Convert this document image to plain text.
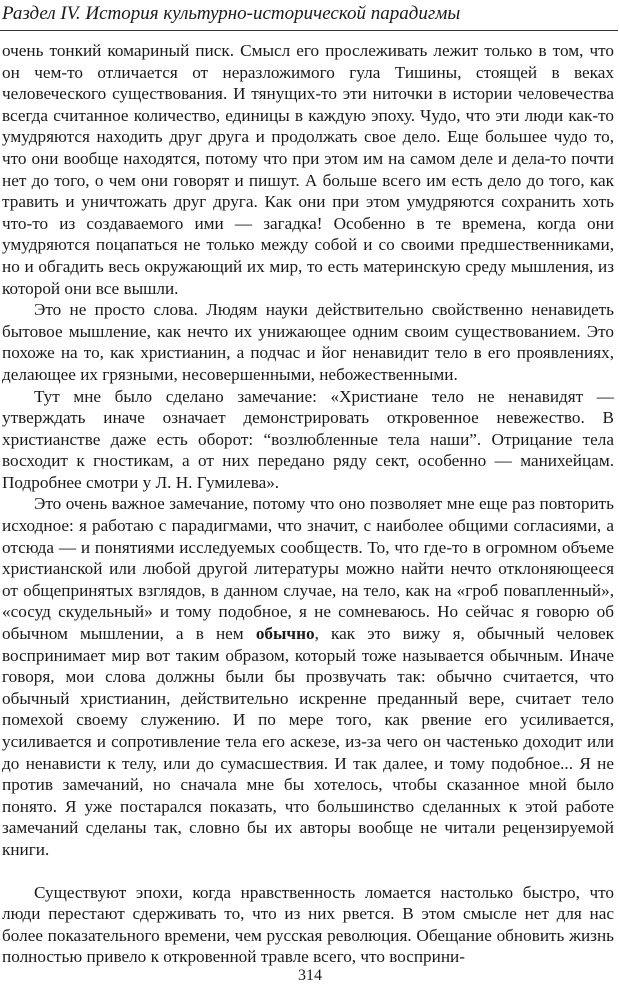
Раздел IV. История культурно-исторической парадигмы

очень тонкий комариный писк. Смысл его прослеживать лежит только в том, что он чем-то отличается от неразложимого гула Тишины, стоящей в веках человеческого существования. И тянущих-то эти ниточки в истории человечества всегда считанное количество, единицы в каждую эпоху. Чудо, что эти люди как-то умудряются находить друг друга и продолжать свое дело. Еще большее чудо то, что они вообще находятся, потому что при этом им на самом деле и дела-то почти нет до того, о чем они говорят и пишут. А больше всего им есть дело до того, как травить и уничтожать друг друга. Как они при этом умудряются сохранить хоть что-то из создаваемого ими — загадка! Особенно в те времена, когда они умудряются поцапаться не только между собой и со своими предшественниками, но и обгадить весь окружающий их мир, то есть материнскую среду мышления, из которой они все вышли.

Это не просто слова. Людям науки действительно свойственно ненавидеть бытовое мышление, как нечто их унижающее одним своим существованием. Это похоже на то, как христианин, а подчас и йог ненавидит тело в его проявлениях, делающее их грязными, несовершенными, небожественными.

Тут мне было сделано замечание: «Христиане тело не ненавидят — утверждать иначе означает демонстрировать откровенное невежество. В христианстве даже есть оборот: “возлюбленные тела наши”. Отрицание тела восходит к гностикам, а от них передано ряду сект, особенно — манихейцам. Подробнее смотри у Л. Н. Гумилева».

Это очень важное замечание, потому что оно позволяет мне еще раз повторить исходное: я работаю с парадигмами, что значит, с наиболее общими согласиями, а отсюда — и понятиями исследуемых сообществ. То, что где-то в огромном объеме христианской или любой другой литературы можно найти нечто отклоняющееся от общепринятых взглядов, в данном случае, на тело, как на «гроб повапленный», «сосуд скудельный» и тому подобное, я не сомневаюсь. Но сейчас я говорю об обычном мышлении, а в нем обычно, как это вижу я, обычный человек воспринимает мир вот таким образом, который тоже называется обычным. Иначе говоря, мои слова должны были бы прозвучать так: обычно считается, что обычный христианин, действительно искренне преданный вере, считает тело помехой своему служению. И по мере того, как рвение его усиливается, усиливается и сопротивление тела его аскезе, из-за чего он частенько доходит или до ненависти к телу, или до сумасшествия. И так далее, и тому подобное... Я не против замечаний, но сначала мне бы хотелось, чтобы сказанное мной было понято. Я уже постарался показать, что большинство сделанных к этой работе замечаний сделаны так, словно бы их авторы вообще не читали рецензируемой книги.

Существуют эпохи, когда нравственность ломается настолько быстро, что люди перестают сдерживать то, что из них рвется. В этом смысле нет для нас более показательного времени, чем русская революция. Обещание обновить жизнь полностью привело к откровенной травле всего, что восприни-

314
